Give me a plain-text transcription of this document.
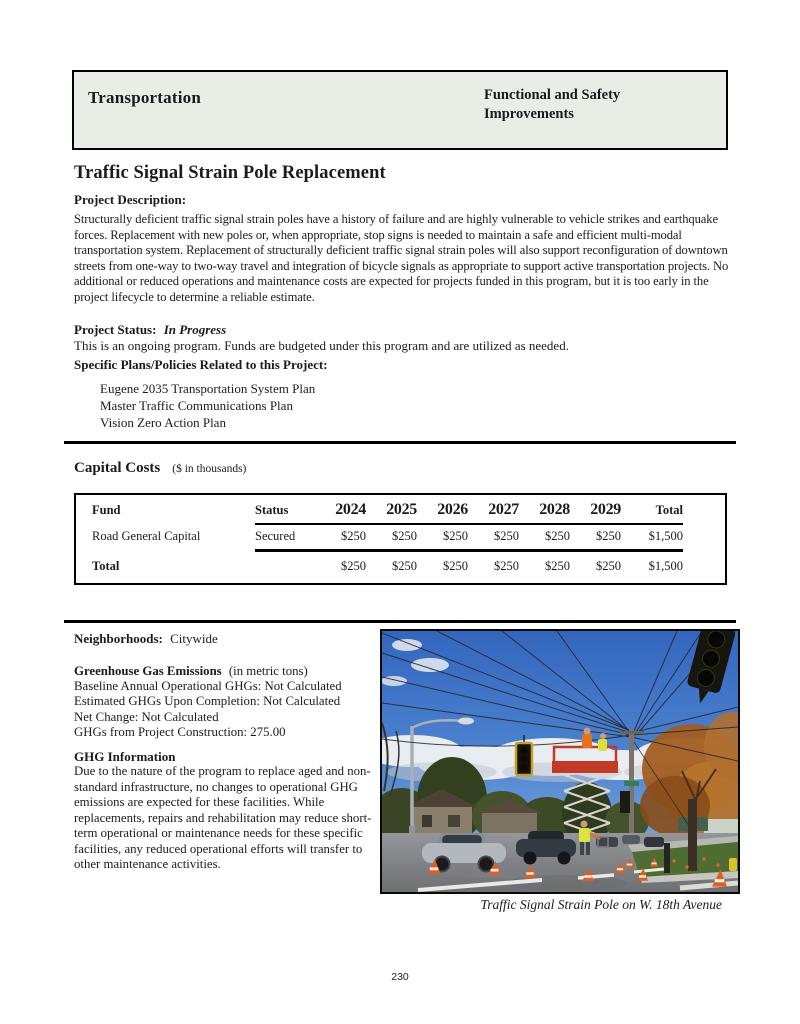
Transportation	Functional and Safety Improvements
Traffic Signal Strain Pole Replacement
Project Description:
Structurally deficient traffic signal strain poles have a history of failure and are highly vulnerable to vehicle strikes and earthquake forces. Replacement with new poles or, when appropriate, stop signs is needed to maintain a safe and efficient multi-modal transportation system. Replacement of structurally deficient traffic signal strain poles will also support reconfiguration of downtown streets from one-way to two-way travel and integration of bicycle signals as appropriate to support active transportation projects. No additional or reduced operations and maintenance costs are expected for projects funded in this program, but it is too early in the project lifecycle to determine a reliable estimate.
Project Status: In Progress
This is an ongoing program. Funds are budgeted under this program and are utilized as needed.
Specific Plans/Policies Related to this Project:
Eugene 2035 Transportation System Plan
Master Traffic Communications Plan
Vision Zero Action Plan
Capital Costs ($ in thousands)
Fund	Status	2024	2025	2026	2027	2028	2029	Total
Road General Capital	Secured	$250	$250	$250	$250	$250	$250	$1,500
Total		$250	$250	$250	$250	$250	$250	$1,500
Neighborhoods: Citywide
Greenhouse Gas Emissions (in metric tons)
Baseline Annual Operational GHGs: Not Calculated
Estimated GHGs Upon Completion: Not Calculated
Net Change: Not Calculated
GHGs from Project Construction: 275.00
GHG Information
Due to the nature of the program to replace aged and non-standard infrastructure, no changes to operational GHG emissions are expected for these facilities. While replacements, repairs and rehabilitation may reduce short-term operational or maintenance needs for these specific facilities, any reduced operational efforts will transfer to other maintenance activities.
Traffic Signal Strain Pole on W. 18th Avenue
230
